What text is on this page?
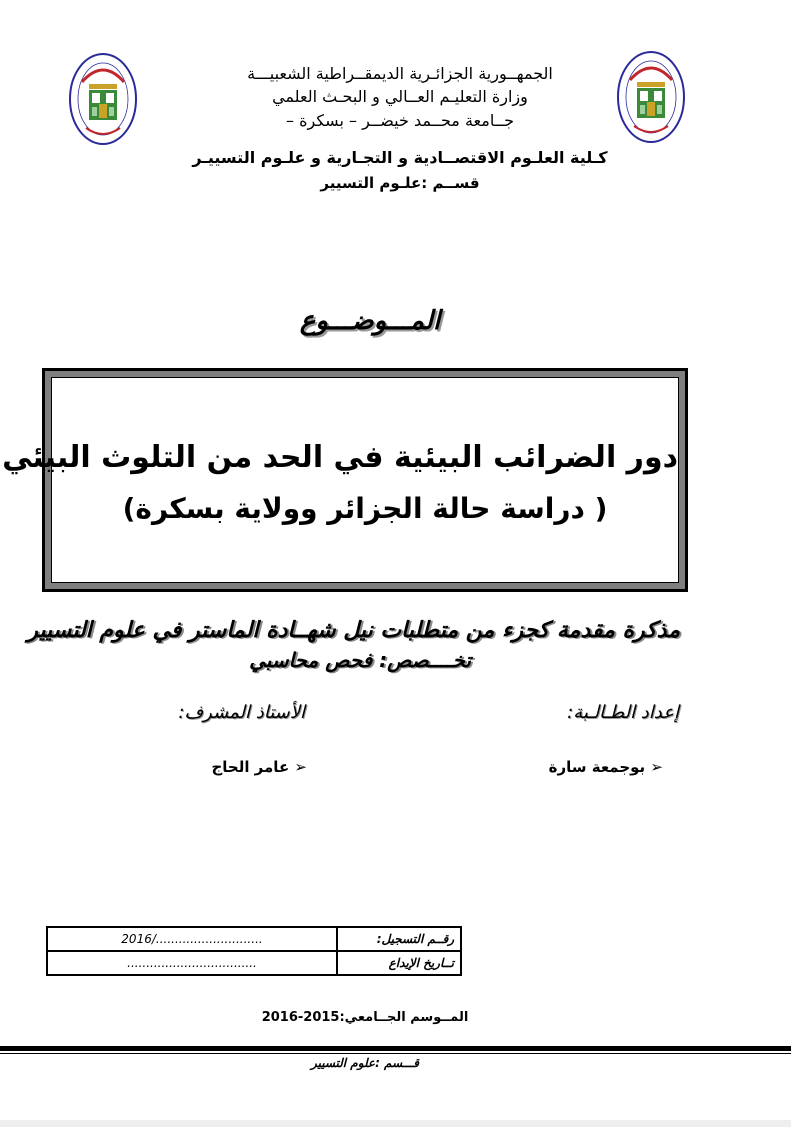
الجمهــورية الجزائـرية الديمقــراطية الشعبيـــة
وزارة التعليـم العــالي و البحـث العلمي
جــامعة محــمد خيضــر – بسكرة –
كـلية العلـوم الاقتصــادية و التجـارية و علـوم التسييـر
قســم :علـوم التسيير
المـــوضـــوع
دور الضرائب البيئية في الحد من التلوث البيئي
( دراسة حالة الجزائر وولاية بسكرة)
مذكرة مقدمة كجزء من متطلبات نيل شهــادة الماستر في علوم التسيير
تخــــصص: فحص محاسبي
إعداد الطـالـبة:
الأستاذ المشرف:
➢ بوجمعة سارة
➢ عامر الحاج
رقــم التسجيل:	............................/2016
تــاريخ الإيداع	..................................
المــوسم الجــامعي:2015-2016
قـــسم :علوم التسيير
